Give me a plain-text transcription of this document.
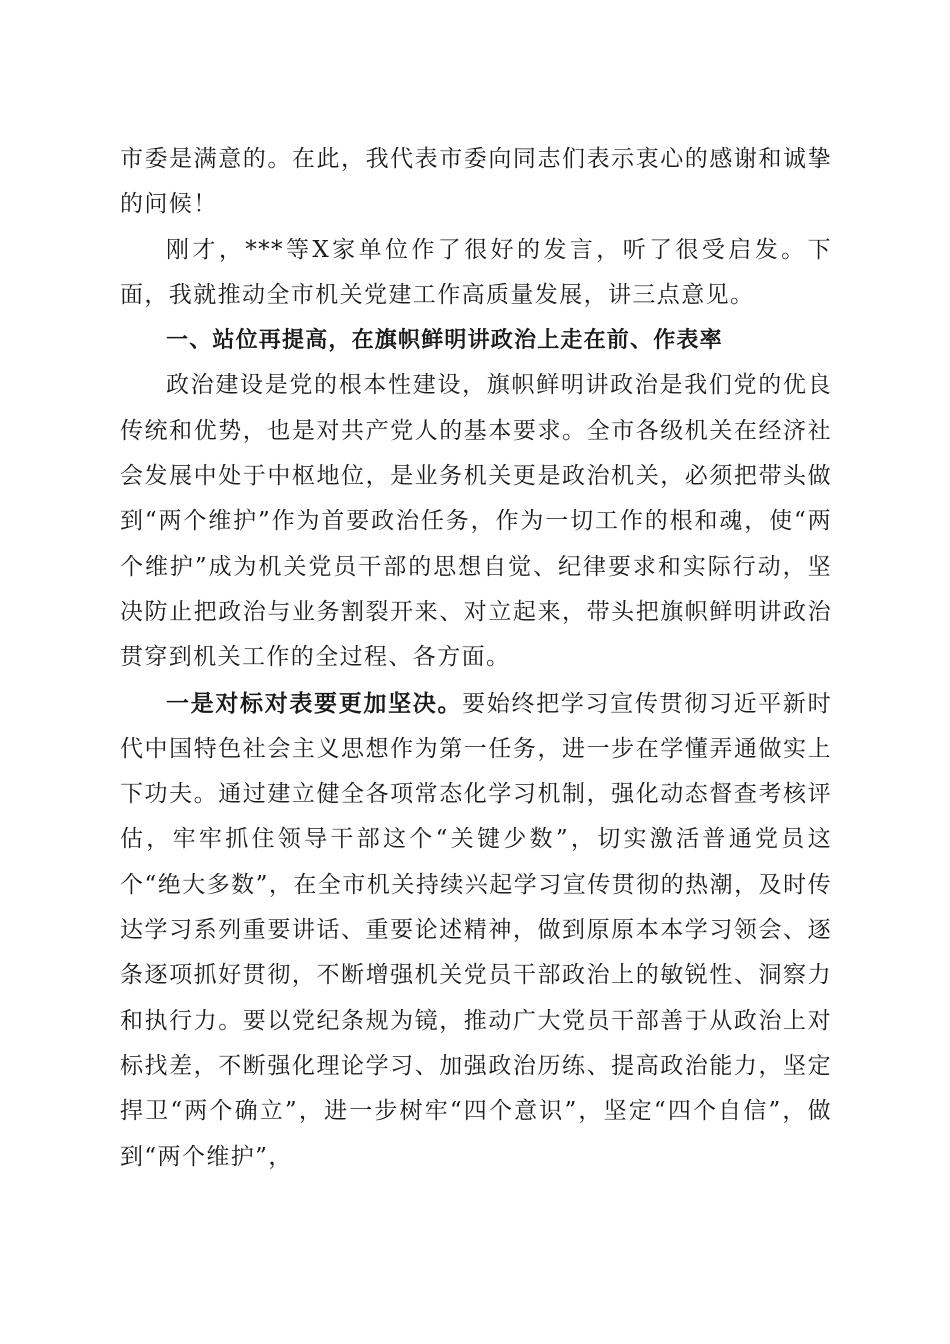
市委是满意的。在此，我代表市委向同志们表示衷心的感谢和诚挚的问候！

刚才，***等X家单位作了很好的发言，听了很受启发。下面，我就推动全市机关党建工作高质量发展，讲三点意见。

一、站位再提高，在旗帜鲜明讲政治上走在前、作表率

政治建设是党的根本性建设，旗帜鲜明讲政治是我们党的优良传统和优势，也是对共产党人的基本要求。全市各级机关在经济社会发展中处于中枢地位，是业务机关更是政治机关，必须把带头做到“两个维护”作为首要政治任务，作为一切工作的根和魂，使“两个维护”成为机关党员干部的思想自觉、纪律要求和实际行动，坚决防止把政治与业务割裂开来、对立起来，带头把旗帜鲜明讲政治贯穿到机关工作的全过程、各方面。

一是对标对表要更加坚决。要始终把学习宣传贯彻习近平新时代中国特色社会主义思想作为第一任务，进一步在学懂弄通做实上下功夫。通过建立健全各项常态化学习机制，强化动态督查考核评估，牢牢抓住领导干部这个“关键少数”，切实激活普通党员这个“绝大多数”，在全市机关持续兴起学习宣传贯彻的热潮，及时传达学习系列重要讲话、重要论述精神，做到原原本本学习领会、逐条逐项抓好贯彻，不断增强机关党员干部政治上的敏锐性、洞察力和执行力。要以党纪条规为镜，推动广大党员干部善于从政治上对标找差，不断强化理论学习、加强政治历练、提高政治能力，坚定捍卫“两个确立”，进一步树牢“四个意识”，坚定“四个自信”，做到“两个维护”，
